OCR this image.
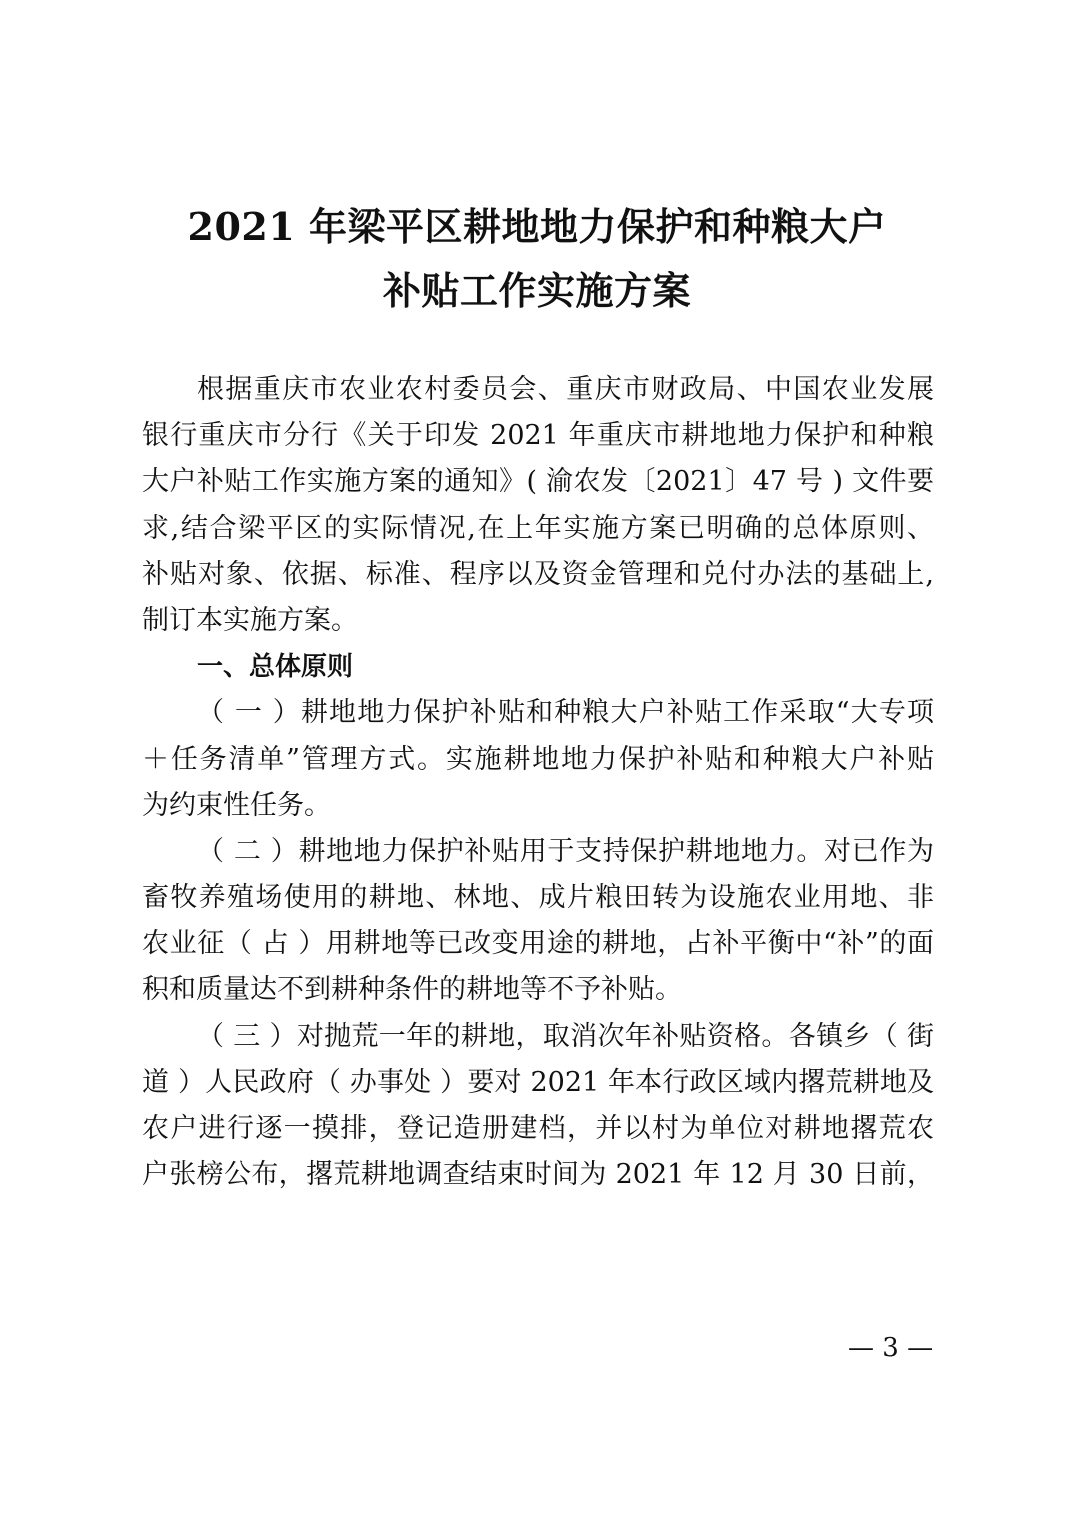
2021 年梁平区耕地地力保护和种粮大户
补贴工作实施方案
根据重庆市农业农村委员会、重庆市财政局、中国农业发展
银行重庆市分行《关于印发 2021 年重庆市耕地地力保护和种粮
大户补贴工作实施方案的通知》( 渝农发〔2021〕47 号 ) 文件要
求,结合梁平区的实际情况,在上年实施方案已明确的总体原则、
补贴对象、依据、标准、程序以及资金管理和兑付办法的基础上,
制订本实施方案。
一、总体原则
（ 一 ）耕地地力保护补贴和种粮大户补贴工作采取“大专项
＋任务清单”管理方式。实施耕地地力保护补贴和种粮大户补贴
为约束性任务。
（ 二 ）耕地地力保护补贴用于支持保护耕地地力。对已作为
畜牧养殖场使用的耕地、林地、成片粮田转为设施农业用地、非
农业征（ 占 ）用耕地等已改变用途的耕地，占补平衡中“补”的面
积和质量达不到耕种条件的耕地等不予补贴。
（ 三 ）对抛荒一年的耕地，取消次年补贴资格。各镇乡（ 街
道 ）人民政府（ 办事处 ）要对 2021 年本行政区域内撂荒耕地及
农户进行逐一摸排，登记造册建档，并以村为单位对耕地撂荒农
户张榜公布，撂荒耕地调查结束时间为 2021 年 12 月 30 日前，
— 3 —
